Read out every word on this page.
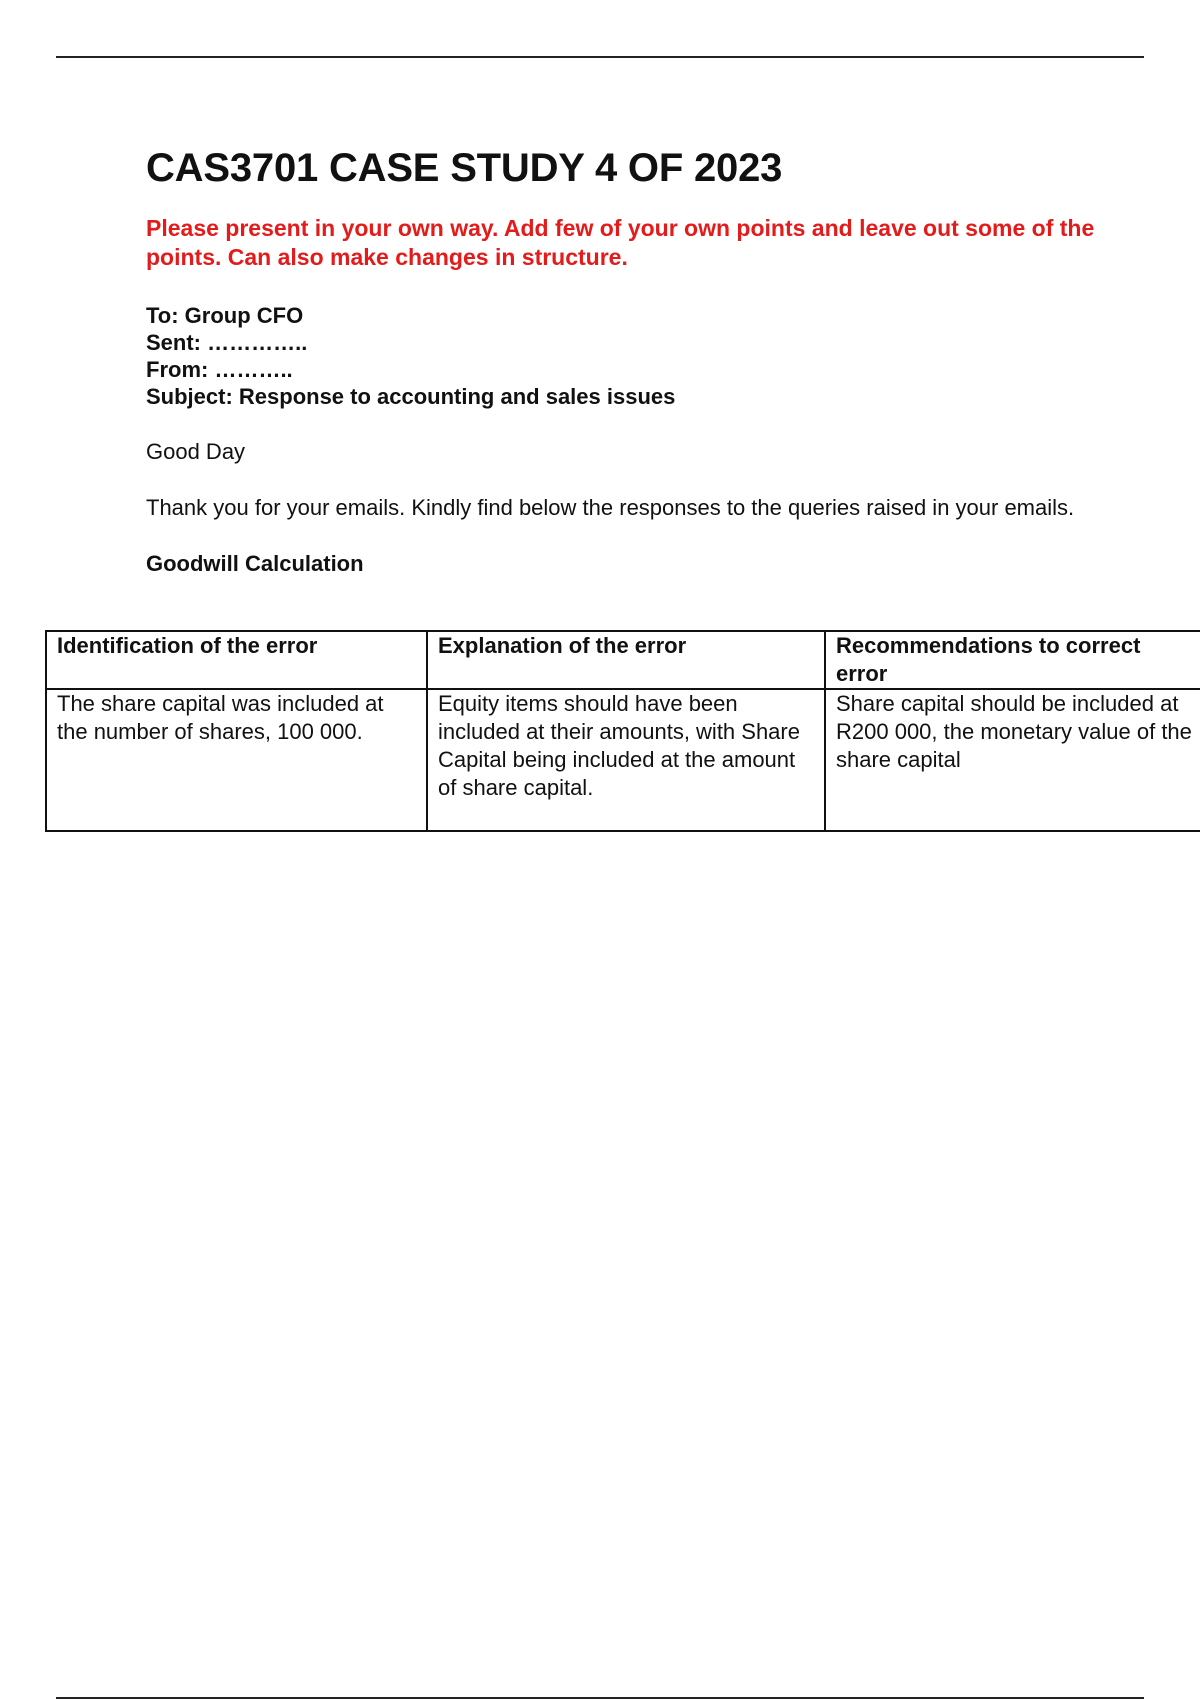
CAS3701 CASE STUDY 4 OF 2023
Please present in your own way. Add few of your own points and leave out some of the points. Can also make changes in structure.
To: Group CFO
Sent: …………..
From: ………..
Subject: Response to accounting and sales issues
Good Day
Thank you for your emails. Kindly find below the responses to the queries raised in your emails.
Goodwill Calculation
Identification of the error	Explanation of the error	Recommendations to correct error
The share capital was included at the number of shares, 100 000.	Equity items should have been included at their amounts, with Share Capital being included at the amount of share capital.	Share capital should be included at R200 000, the monetary value of the share capital
